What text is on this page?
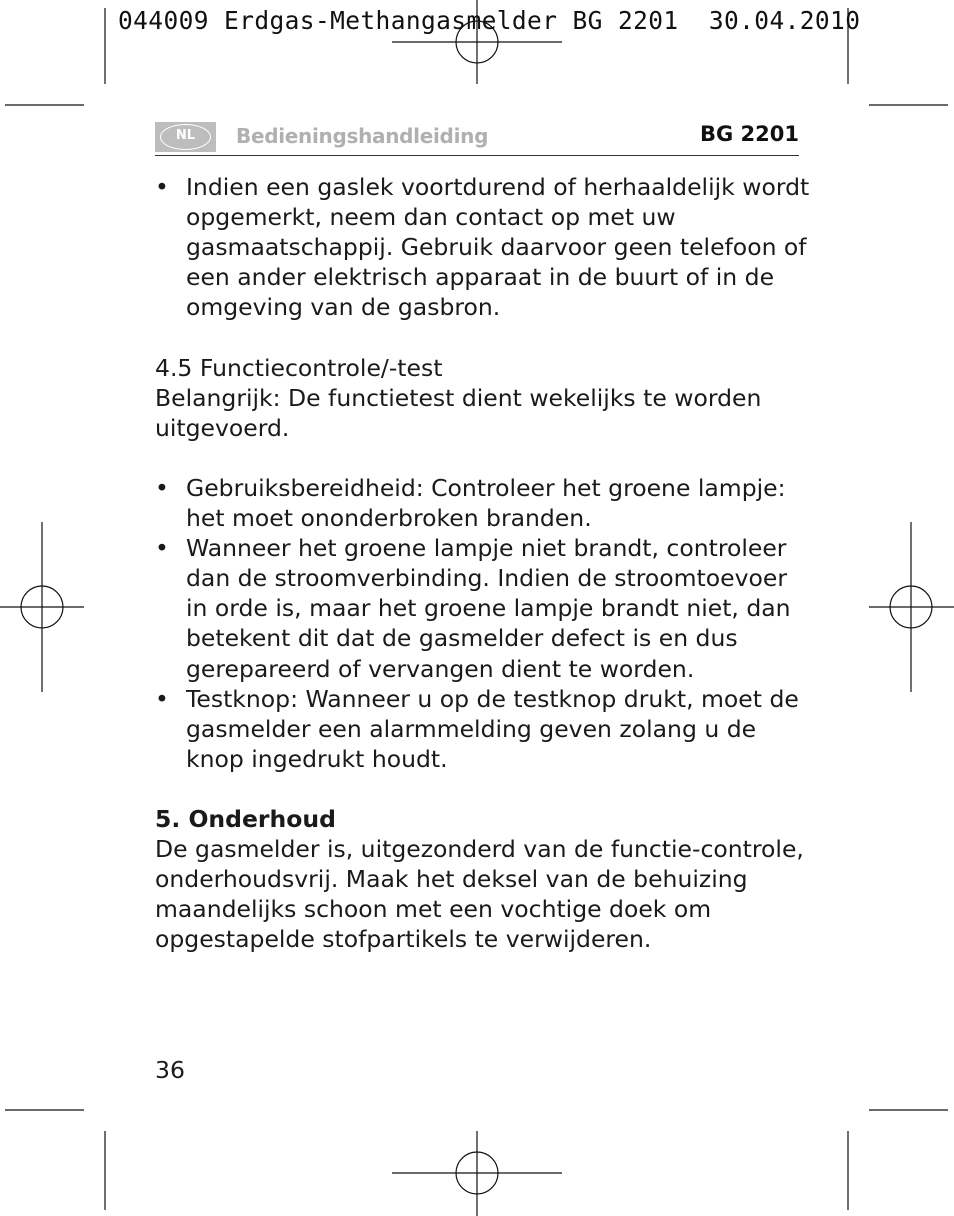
044009 Erdgas-Methangasmelder BG 2201  30.04.2010
NL	Bedieningshandleiding	BG 2201
• Indien een gaslek voortdurend of herhaaldelijk wordt opgemerkt, neem dan contact op met uw gasmaatschappij. Gebruik daarvoor geen telefoon of een ander elektrisch apparaat in de buurt of in de omgeving van de gasbron.

4.5 Functiecontrole/-test

Belangrijk: De functietest dient wekelijks te worden uitgevoerd.

• Gebruiksbereidheid: Controleer het groene lampje: het moet ononderbroken branden.
• Wanneer het groene lampje niet brandt, controleer dan de stroomverbinding. Indien de stroomtoevoer in orde is, maar het groene lampje brandt niet, dan betekent dit dat de gasmelder defect is en dus gerepareerd of vervangen dient te worden.
• Testknop: Wanneer u op de testknop drukt, moet de gasmelder een alarmmelding geven zolang u de knop ingedrukt houdt.

5. Onderhoud

De gasmelder is, uitgezonderd van de functie-controle, onderhoudsvrij. Maak het deksel van de behuizing maandelijks schoon met een vochtige doek om opgestapelde stofpartikels te verwijderen.

36
